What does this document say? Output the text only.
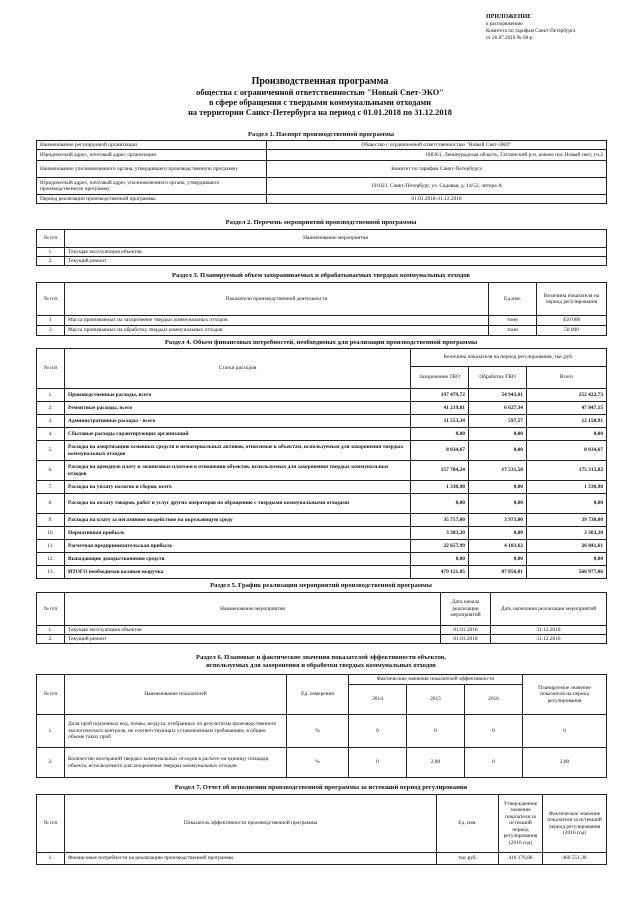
ПРИЛОЖЕНИЕ
к распоряжению
Комитета по тарифам Санкт-Петербурга
от 26.07.2018 № 68-р
Производственная программа
общества с ограниченной ответственностью "Новый Свет-ЭКО"
в сфере обращения с твердыми коммунальными отходами
на территории Санкт-Петербурга на период с 01.01.2018 по 31.12.2018
Раздел 1. Паспорт производственной программы
Наименование регулируемой организации	Общество с ограниченной ответственностью "Новый Свет-ЭКО"
Юридический адрес, почтовый адрес организации	188361, Ленинградская область, Гатчинский р-н, южнее пос.Новый свет, уч.2
Наименование уполномоченного органа, утвердившего производственную программу	Комитет по тарифам Санкт-Петербурга
Юридический адрес, почтовый адрес уполномоченного органа, утвердившего производственную программу	191023, Санкт-Петербург, ул. Садовая, д. 14/52, литера А
Период реализации производственной программы	01.01.2018-31.12.2018
Раздел 2. Перечень мероприятий производственной программы
№ п/п	Наименование мероприятия
1.	Текущая эксплуатация объектов
2.	Текущий ремонт
Раздел 3. Планируемый объем захораниваемых и обрабатываемых твердых коммунальных отходов
№ п/п	Показатели производственной деятельности	Ед.изм.	Величина показателя на период регулирования
1	Масса принимаемых на захоронение твердых коммунальных отходов	тонн	450 000
2	Масса принимаемых на обработку твердых коммунальных отходов	тонн	50 000
Раздел 4. Объем финансовых потребностей, необходимых для реализации производственной программы
№ п/п	Статьи расходов	Величина показателя на период регулирования, тыс.руб.		
		Захоронение ТКО	Обработка ТКО	Всего
1.	Производственные расходы, всего	197 479,72	54 943,01	252 422,73
2.	Ремонтные расходы, всего	41 219,81	6 627,34	47 847,15
3.	Административные расходы - всего	11 553,34	597,57	12 150,91
4.	Сбытовые расходы гарантирующих организаций	0,00	0,00	0,00
5.	Расходы на амортизацию основных средств и нематериальных активов, относимые к объектам, используемым для захоронения твердых коммунальных отходов	8 034,67	0,00	8 034,67
6.	Расходы на арендную плату и лизинговые платежи в отношении объектов, используемых для захоронения твердых коммунальных отходов	157 784,24	17 531,58	175 315,82
7.	Расходы на уплату налогов и сборов, всего	1 330,98	0,00	1 330,98
8.	Расходы на оплату товаров, работ и услуг других операторов по обращению с твердыми коммунальными отходами	0,00	0,00	0,00
9.	Расходы на плату за негативное воздействие на окружающую среду	35 757,00	3 973,00	39 730,00
10.	Нормативная прибыль	3 303,20	0,00	3 303,20
11.	Расчетная предпринимательская прибыль	22 657,99	4 183,62	26 841,61
12.	Выпадающие доходы/экономия средств	0,00	0,00	0,00
13.	ИТОГО необходимая валовая выручка	479 121,05	87 856,01	566 977,06
Раздел 5. График реализации мероприятий производственной программы
№ п/п	Наименование мероприятия	Дата начала реализации мероприятий	Дать окончания реализации мероприятий
1.	Текущая эксплуатация объектов	01.01.2018	31.12.2018
2.	Текущий ремонт	01.01.2018	31.12.2018
Раздел 6. Плановые и фактические значения показателей эффективности объектов,
используемых для захоронения и обработки твердых коммунальных отходов
№ п/п	Наименование показателей	Ед. измерения	Фактические значения показателей эффективности			Планируемое значение показателя на период регулирования
			2014	2015	2016	
1.	Доля проб подземных вод, почвы, воздуха, отобранных по результатам производственного экологического контроля, не соответствующих установленным требованиям, в общем объеме таких проб	%	0	0	0	0
2.	Количество возгораний твердых коммунальных отходов в расчете на единицу площади объекта, используемого для захоронения твердых коммунальных отходов	%	0	2,80	0	2,80
Раздел 7. Отчет об исполнении производственной программы за истекший период регулирования
№ п/п	Показатель эффективности производственной программы	Ед. изм.	Утвержденное значение показателя за истекший период регулирования (2016 год)	Фактическое значение показателя за истекший период регулирования (2016 год)
1.	Финансовые потребности на реализацию производственной программы	тыс.руб.	416 176,86	460 551,30
